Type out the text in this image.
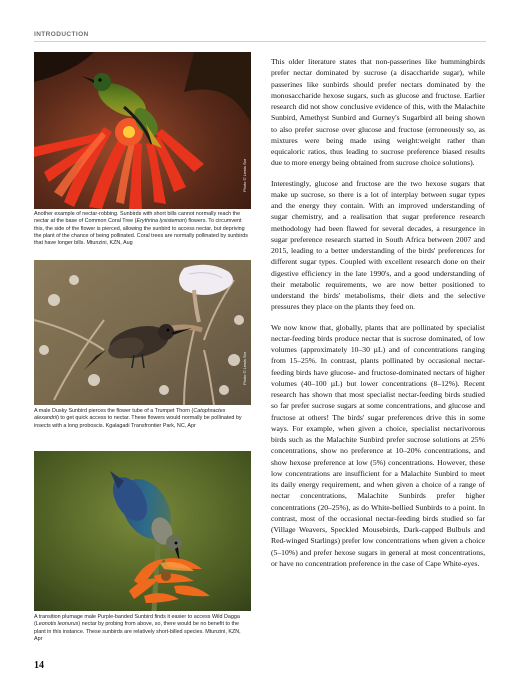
INTRODUCTION
Photo © Lewis Snr
Another example of nectar-robbing. Sunbirds with short bills cannot normally reach the nectar at the base of Common Coral Tree (Erythrina lysistemon) flowers. To circumvent this, the side of the flower is pierced, allowing the sunbird to access nectar, but depriving the plant of the chance of being pollinated. Coral trees are normally pollinated by sunbirds that have longer bills. Mtunzini, KZN, Aug
Photo © Lewis Snr
A male Dusky Sunbird pierces the flower tube of a Trumpet Thorn (Catophractes alexandrii) to get quick access to nectar. These flowers would normally be pollinated by insects with a long proboscis. Kgalagadi Transfrontier Park, NC, Apr
A transition plumage male Purple-banded Sunbird finds it easier to access Wild Dagga (Leonotis leonurus) nectar by probing from above, so, there would be no benefit to the plant in this instance. These sunbirds are relatively short-billed species. Mtunzini, KZN, Apr

This older literature states that non-passerines like hummingbirds prefer nectar dominated by sucrose (a disaccharide sugar), while passerines like sunbirds should prefer nectars dominated by the monosaccharide hexose sugars, such as glucose and fructose. Earlier research did not show conclusive evidence of this, with the Malachite Sunbird, Amethyst Sunbird and Gurney's Sugarbird all being shown to also prefer sucrose over glucose and fructose (erroneously so, as mixtures were being made using weight:weight rather than equicaloric ratios, thus leading to sucrose preference biased results due to more energy being obtained from sucrose choice solutions).

Interestingly, glucose and fructose are the two hexose sugars that make up sucrose, so there is a lot of interplay between sugar types and the energy they contain. With an improved understanding of sugar chemistry, and a realisation that sugar preference research methodology had been flawed for several decades, a resurgence in sugar preference research started in South Africa between 2007 and 2015, leading to a better understanding of the birds' preferences for different sugar types. Coupled with excellent research done on their digestive efficiency in the late 1990's, and a good understanding of their metabolic requirements, we are now better positioned to understand the birds' metabolisms, their diets and the selective pressures they place on the plants they feed on.

We now know that, globally, plants that are pollinated by specialist nectar-feeding birds produce nectar that is sucrose dominated, of low volumes (approximately 10–30 µL) and of concentrations ranging from 15–25%. In contrast, plants pollinated by occasional nectar-feeding birds have glucose- and fructose-dominated nectars of higher volumes (40–100 µL) but lower concentrations (8–12%). Recent research has shown that most specialist nectar-feeding birds studied so far prefer sucrose sugars at some concentrations, and glucose and fructose at others! The birds' sugar preferences drive this in some ways. For example, when given a choice, specialist nectarivorous birds such as the Malachite Sunbird prefer sucrose solutions at 25% concentrations, show no preference at 10–20% concentrations, and show hexose preference at low (5%) concentrations. However, these low concentrations are insufficient for a Malachite Sunbird to meet its daily energy requirement, and when given a choice of a range of nectar concentrations, Malachite Sunbirds prefer higher concentrations (20–25%), as do White-bellied Sunbirds to a point. In contrast, most of the occasional nectar-feeding birds studied so far (Village Weavers, Speckled Mousebirds, Dark-capped Bulbuls and Red-winged Starlings) prefer low concentrations when given a choice (5–10%) and prefer hexose sugars in general at most concentrations, or have no concentration preference in the case of Cape White-eyes.

14
